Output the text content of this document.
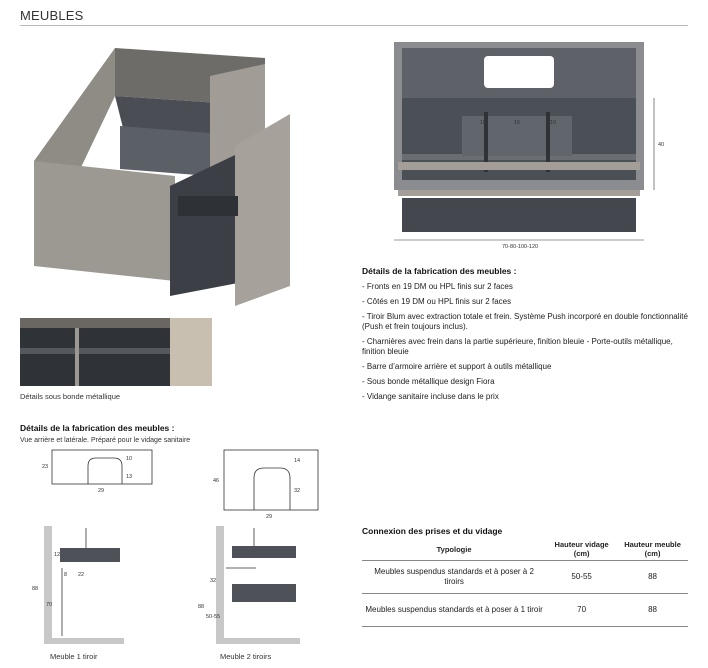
MEUBLES
Détails sous bonde métallique
10	15	10
40
70-80-100-120
Détails de la fabrication des meubles :
- Fronts en 19 DM ou HPL finis sur 2 faces
- Côtés en 19 DM ou HPL finis sur 2 faces
- Tiroir Blum avec extraction totale et frein. Système Push incorporé en double fonctionnalité (Push et frein toujours inclus).
- Charnières avec frein dans la partie supérieure, finition bleuie - Porte-outils métallique, finition bleuie
- Barre d’armoire arrière et support à outils métallique
- Sous bonde métallique design Fiora
- Vidange sanitaire incluse dans le prix
Détails de la fabrication des meubles :
Vue arrière et latérale. Préparé pour le vidage sanitaire
23
29
10
13
46
29
14
32
12
8 22
88
70
Meuble 1 tiroir
32
88
50-55
Meuble 2 tiroirs
Connexion des prises et du vidage
Typologie	Hauteur vidage (cm)	Hauteur meuble (cm)
Meubles suspendus standards et à poser à 2 tiroirs	50-55	88
Meubles suspendus standards et à poser à 1 tiroir	70	88
